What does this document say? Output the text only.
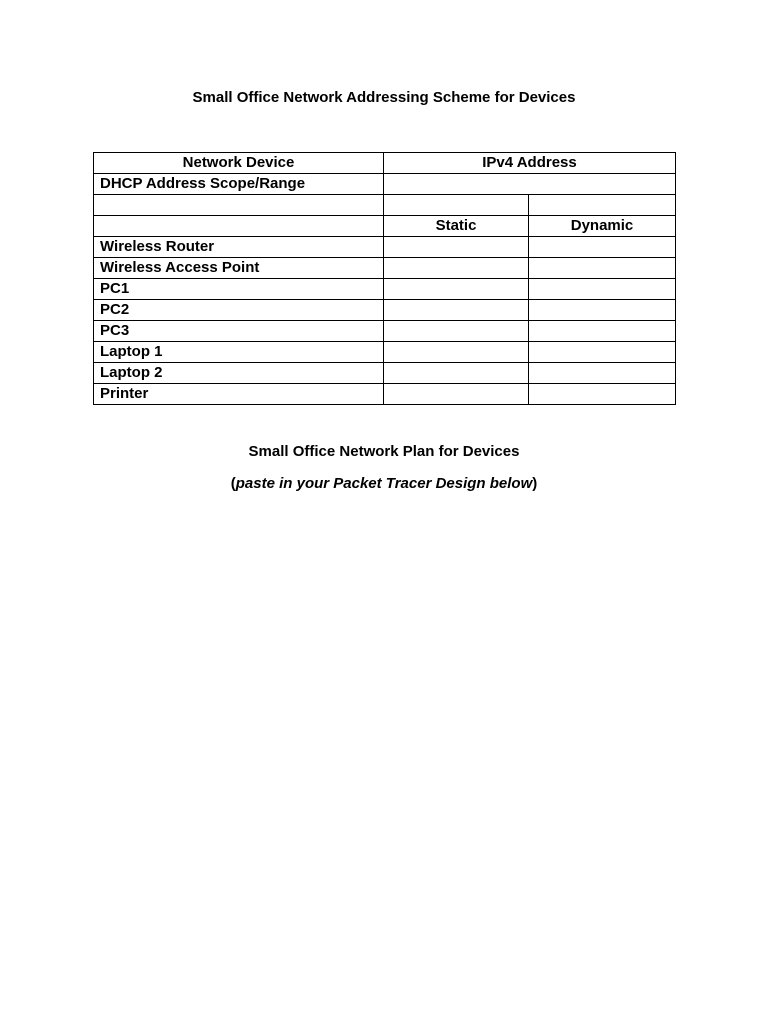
Small Office Network Addressing Scheme for Devices
Network Device	IPv4 Address	
DHCP Address Scope/Range		

	Static	Dynamic
Wireless Router		
Wireless Access Point		
PC1		
PC2		
PC3		
Laptop 1		
Laptop 2		
Printer		
Small Office Network Plan for Devices
(paste in your Packet Tracer Design below)
